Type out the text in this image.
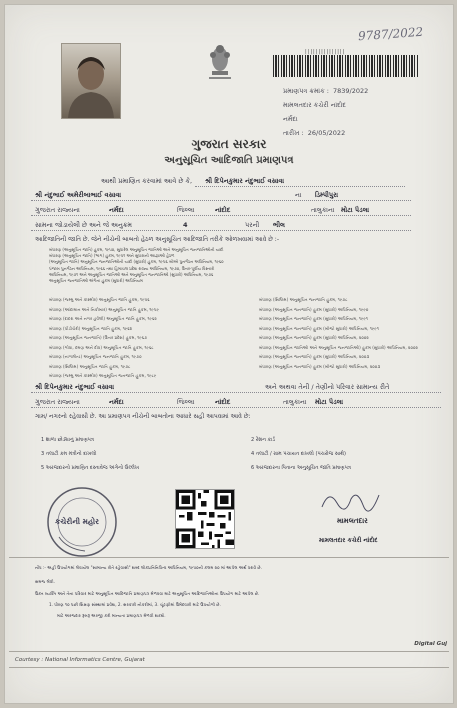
9787/2022
|||||||||||||||
પ્રમાણપત્ર ક્રમાંક : 7839/2022
મામલતદાર કચેરી નાંદોદ
નર્મદા
તારીખ : 26/05/2022
ગુજરાત સરકાર
અનુસૂચિત આદિજાતિ પ્રમાણપત્ર
આથી પ્રમાણિત કરવામાં આવે છે કે, શ્રી દિપેનકુમાર નંદુભાઈ વસાવા
શ્રી નંદુભાઈ અમેરીબાભાઈ વસાવા	ના ડિમ્પીપુરા
ગુજરાત રાજ્યના	નર્મદા	જિલ્લા	નાંદોદ	તાલુકાના મોટા પૈડલા
સામના જોડાયેલી છે અને જે અનુક્રમ	4	પરની ભીલ
આદિજાતિની જાતિ છે. જેને નીચેની બાબતો હેઠળ અનુસૂચિત આદિજાતિ તરીકે ઓળખવામાં આવે છે :-
બંધારણ (અનુસૂચિત જાતિ) હુકમ, ૧૯૫૦, સુધારેલ અનુસૂચિત જાતિઓ અને અનુસૂચિત જનજાતિઓની યાદી
બંધારણ (અનુસૂચિત જાતિ) (ભાગ) હુકમ, ૧૯૫૧ અને સુધારાની આજ્ઞાઓ હેઠળ
(અનુસૂચિત જાતિ) અનુસૂચિત જનજાતિઓની યાદી (સુધારો) હુકમ, ૧૯૫૬ બોમ્બે પુનર્ગઠન અધિનિયમ, ૧૯૬૦
પંજાબ પુનર્ગઠન અધિનિયમ, ૧૯૬૬ તથા હિમાચલ પ્રદેશ રાજ્ય અધિનિયમ, ૧૯૭૦, ઉત્તર-પૂર્વીય વિસ્તારો
અધિનિયમ, ૧૯૭૧ અને અનુસૂચિત જાતિઓ અને અનુસૂચિત જનજાતિઓ (સુધારો) અધિનિયમ, ૧૯૭૬
અનુસૂચિત જનજાતિઓ અંગેના હુકમ (સુધારો) અધિનિયમ
બંધારણ (જમ્મુ અને કાશ્મીર) અનુસૂચિત જાતિ હુકમ, ૧૯૫૬
બંધારણ (આંદામાન અને નિકોબાર) અનુસૂચિત જાતિ હુકમ, ૧૯૫૯
બંધારણ (દાદરા અને નગર હવેલી) અનુસૂચિત જાતિ હુકમ, ૧૯૬૨
બંધારણ (પોંડીચેરી) અનુસૂચિત જાતિ હુકમ, ૧૯૬૪
બંધારણ (અનુસૂચિત જનજાતિ) (ઉત્તર પ્રદેશ) હુકમ, ૧૯૬૭
બંધારણ (ગોવા, દમણ અને દીવ) અનુસૂચિત જાતિ હુકમ, ૧૯૬૮
બંધારણ (નાગાલેન્ડ) અનુસૂચિત જનજાતિ હુકમ, ૧૯૭૦
બંધારણ (સિક્કિમ) અનુસૂચિત જાતિ હુકમ, ૧૯૭૮
બંધારણ (જમ્મુ અને કાશ્મીર) અનુસૂચિત જનજાતિ હુકમ, ૧૯૮૯
બંધારણ (સિક્કિમ) અનુસૂચિત જનજાતિ હુકમ, ૧૯૭૮
બંધારણ (અનુસૂચિત જનજાતિ) હુકમ (સુધારો) અધિનિયમ, ૧૯૯૦
બંધારણ (અનુસૂચિત જનજાતિ) હુકમ (સુધારો) અધિનિયમ, ૧૯૯૧
બંધારણ (અનુસૂચિત જનજાતિ) હુકમ (બીજો સુધારો) અધિનિયમ, ૧૯૯૧
બંધારણ (અનુસૂચિત જનજાતિ) હુકમ (સુધારો) અધિનિયમ, ૨૦૦૨
બંધારણ (અનુસૂચિત જાતિઓ અને અનુસૂચિત જનજાતિઓ) હુકમ (સુધારો) અધિનિયમ, ૨૦૦૨
બંધારણ (અનુસૂચિત જનજાતિ) હુકમ (સુધારો) અધિનિયમ, ૨૦૦૩
બંધારણ (અનુસૂચિત જનજાતિ) હુકમ (બીજો સુધારો) અધિનિયમ, ૨૦૦૩
શ્રી દિપેનકુમાર નંદુભાઈ વસાવા	અને અથવા તેની / તેણીનો પરિવાર સામાન્ય રીતે
ગુજરાત રાજ્યના	નર્મદા	જિલ્લા	નાંદોદ	તાલુકાના મોટા પૈડલા
ગામ/ નગરનો રહેવાસી છે. આ પ્રમાણપત્ર નીચેની બાબતોના આધારે સહી આપવામાં આવે છે:
1 શાળા છોડ્યાનું પ્રમાણપત્ર	2 રેશન કાર્ડ
3 તલાટી કમ મંત્રીનો દાખલો	4 તલાટી / ગ્રામ પંચાયત દાખલો (પંચરોજ સાથે)
5 અરજદારનો પ્રમાણિત દસ્તાવેજ અંગેનો ઉલ્લેખ	6 અરજદારના પિતાના અનુસૂચિત જાતિ પ્રમાણપત્ર
કચેરીની મહોર	મામલતદાર
મામલતદાર કચેરી નાંદોદ
નોંધ :- અહીં ઉપયોગમાં લેવાયેલ "સામાન્ય રીતે રહેવાસી" શબ્દ લોકપ્રતિનિધિત્વ અધિનિયમ, ૧૯૫૦ની કલમ ૨૦ માં આપેલ અર્થ ધરાવે છે.
સમજ લેવી.
ઉક્ત વ્યક્તિ અને તેના પરિવાર માટે અનુસૂચિત આદિજાતિ પ્રમાણપત્ર મેળવવા માટે અનુસૂચિત આદિજાતિઓના ઉપયોગ માટે આપેલ છે.
1. ધોરણ ૧૦ પછી શિક્ષણ સંસ્થામાં પ્રવેશ, 2. સરકારી નોકરીમાં, 3. ચૂંટણીમાં ઉમેદવારી માટે ઉપયોગી છે.
માટે અરજદાર રૂબરૂ અરજી કરી માન્યતા પ્રમાણપત્ર મેળવી શકશે.
Digital Guj
Courtesy : National Informatics Centre, Gujarat
